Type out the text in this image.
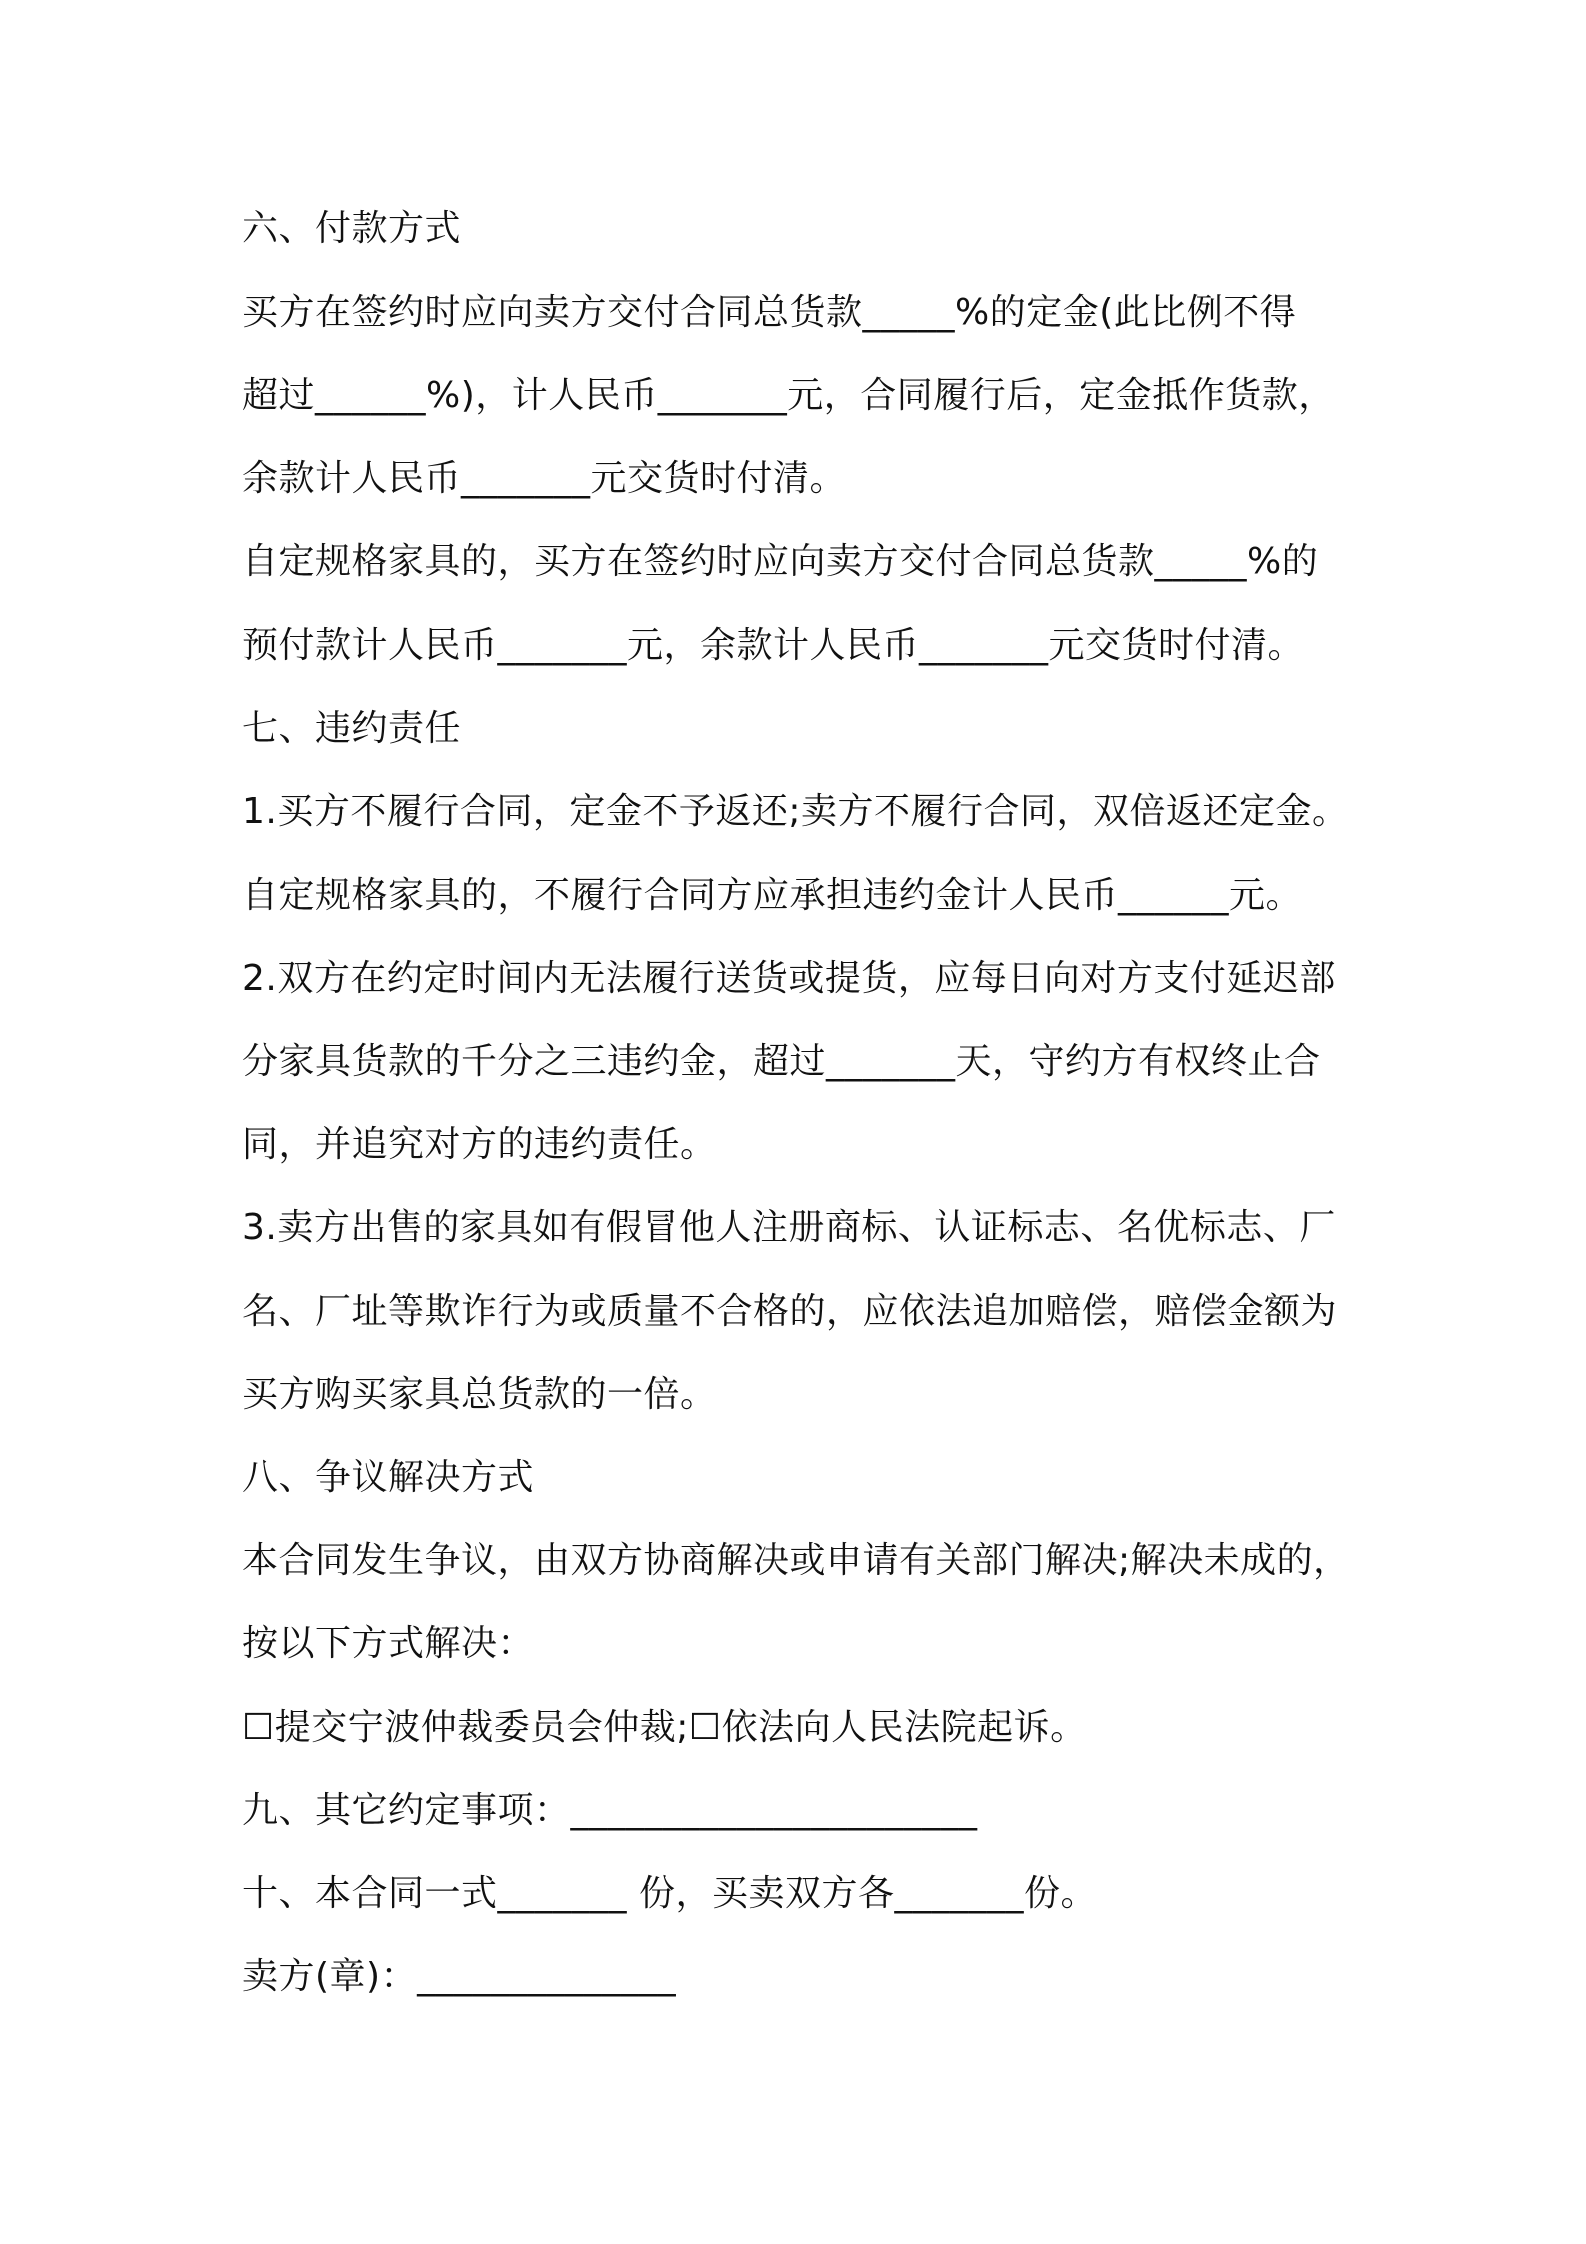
六、付款方式
买方在签约时应向卖方交付合同总货款_____%的定金(此比例不得
超过______%)，计人民币_______元，合同履行后，定金抵作货款，
余款计人民币_______元交货时付清。
自定规格家具的，买方在签约时应向卖方交付合同总货款_____%的
预付款计人民币_______元，余款计人民币_______元交货时付清。
七、违约责任
1.买方不履行合同，定金不予返还;卖方不履行合同，双倍返还定金。
自定规格家具的，不履行合同方应承担违约金计人民币______元。
2.双方在约定时间内无法履行送货或提货，应每日向对方支付延迟部
分家具货款的千分之三违约金，超过_______天，守约方有权终止合
同，并追究对方的违约责任。
3.卖方出售的家具如有假冒他人注册商标、认证标志、名优标志、厂
名、厂址等欺诈行为或质量不合格的，应依法追加赔偿，赔偿金额为
买方购买家具总货款的一倍。
八、争议解决方式
本合同发生争议，由双方协商解决或申请有关部门解决;解决未成的，
按以下方式解决：
☐提交宁波仲裁委员会仲裁;☐依法向人民法院起诉。
九、其它约定事项：______________________
十、本合同一式_______ 份，买卖双方各_______份。
卖方(章)：______________
